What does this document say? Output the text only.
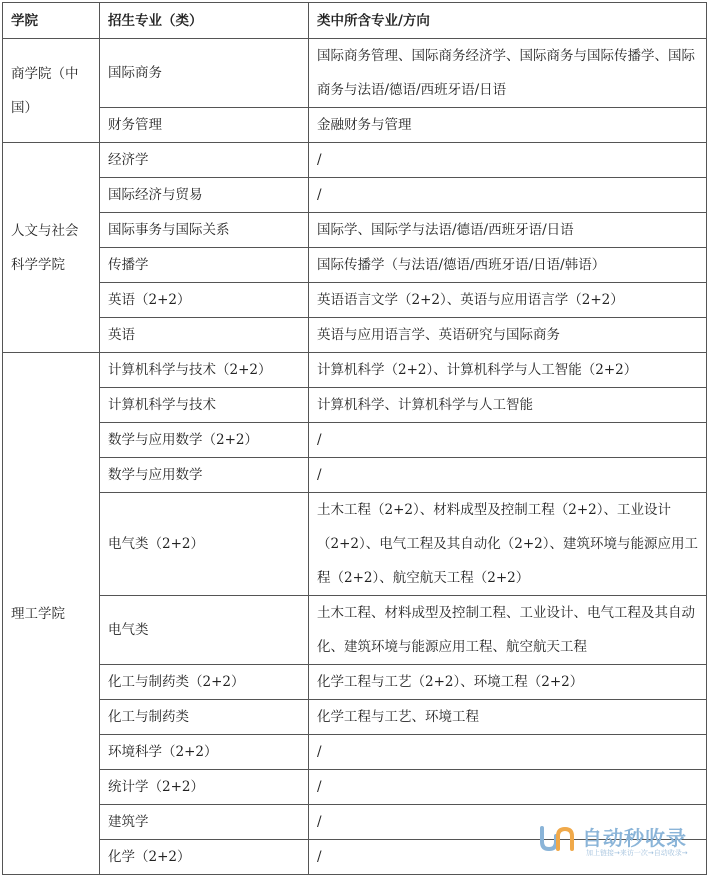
学院	招生专业（类）	类中所含专业/方向
商学院（中国）	国际商务	国际商务管理、国际商务经济学、国际商务与国际传播学、国际商务与法语/德语/西班牙语/日语
	财务管理	金融财务与管理
人文与社会科学学院	经济学	/
	国际经济与贸易	/
	国际事务与国际关系	国际学、国际学与法语/德语/西班牙语/日语
	传播学	国际传播学（与法语/德语/西班牙语/日语/韩语）
	英语（2+2）	英语语言文学（2+2）、英语与应用语言学（2+2）
	英语	英语与应用语言学、英语研究与国际商务
理工学院	计算机科学与技术（2+2）	计算机科学（2+2）、计算机科学与人工智能（2+2）
	计算机科学与技术	计算机科学、计算机科学与人工智能
	数学与应用数学（2+2）	/
	数学与应用数学	/
	电气类（2+2）	土木工程（2+2）、材料成型及控制工程（2+2）、工业设计（2+2）、电气工程及其自动化（2+2）、建筑环境与能源应用工程（2+2）、航空航天工程（2+2）
	电气类	土木工程、材料成型及控制工程、工业设计、电气工程及其自动化、建筑环境与能源应用工程、航空航天工程
	化工与制药类（2+2）	化学工程与工艺（2+2）、环境工程（2+2）
	化工与制药类	化学工程与工艺、环境工程
	环境科学（2+2）	/
	统计学（2+2）	/
	建筑学	/
	化学（2+2）	/
自动秒收录
加上链接→来访一次→自动收录→
